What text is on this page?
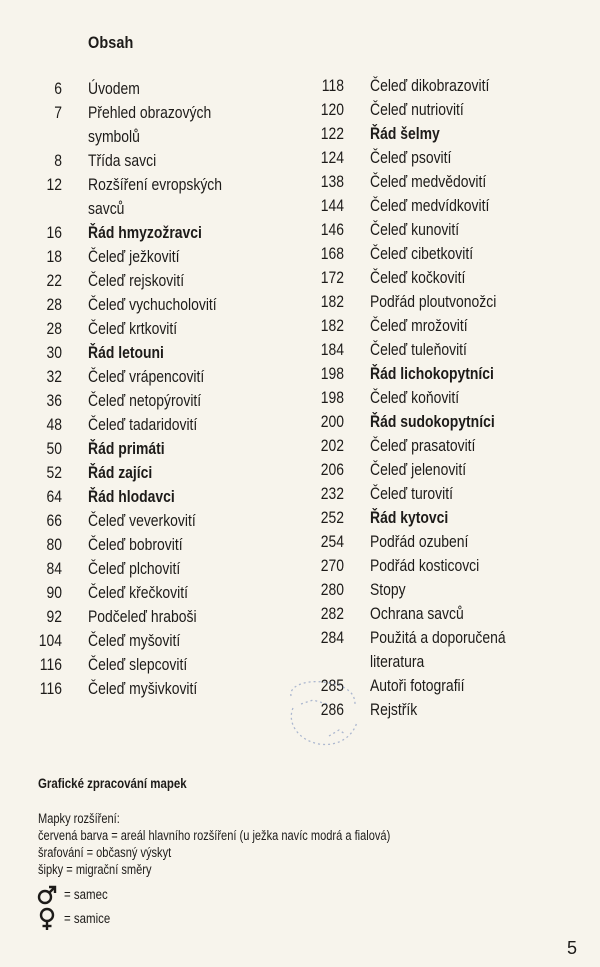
Obsah
6 Úvodem
7 Přehled obrazových
symbolů
8 Třída savci
12 Rozšíření evropských
savců
16 Řád hmyzožravci
18 Čeleď ježkovití
22 Čeleď rejskovití
28 Čeleď vychucholovití
28 Čeleď krtkovití
30 Řád letouni
32 Čeleď vrápencovití
36 Čeleď netopýrovití
48 Čeleď tadaridovití
50 Řád primáti
52 Řád zajíci
64 Řád hlodavci
66 Čeleď veverkovití
80 Čeleď bobrovití
84 Čeleď plchovití
90 Čeleď křečkovití
92 Podčeleď hraboši
104 Čeleď myšovití
116 Čeleď slepcovití
116 Čeleď myšivkovití
118 Čeleď dikobrazovití
120 Čeleď nutriovití
122 Řád šelmy
124 Čeleď psovití
138 Čeleď medvědovití
144 Čeleď medvídkovití
146 Čeleď kunovití
168 Čeleď cibetkovití
172 Čeleď kočkovití
182 Podřád ploutvonožci
182 Čeleď mrožovití
184 Čeleď tuleňovití
198 Řád lichokopytníci
198 Čeleď koňovití
200 Řád sudokopytníci
202 Čeleď prasatovití
206 Čeleď jelenovití
232 Čeleď turovití
252 Řád kytovci
254 Podřád ozubení
270 Podřád kosticovci
280 Stopy
282 Ochrana savců
284 Použitá a doporučená
literatura
285 Autoři fotografií
286 Rejstřík
Grafické zpracování mapek
Mapky rozšíření:
červená barva = areál hlavního rozšíření (u ježka navíc modrá a fialová)
šrafování = občasný výskyt
šipky = migrační směry
= samec
= samice
5
